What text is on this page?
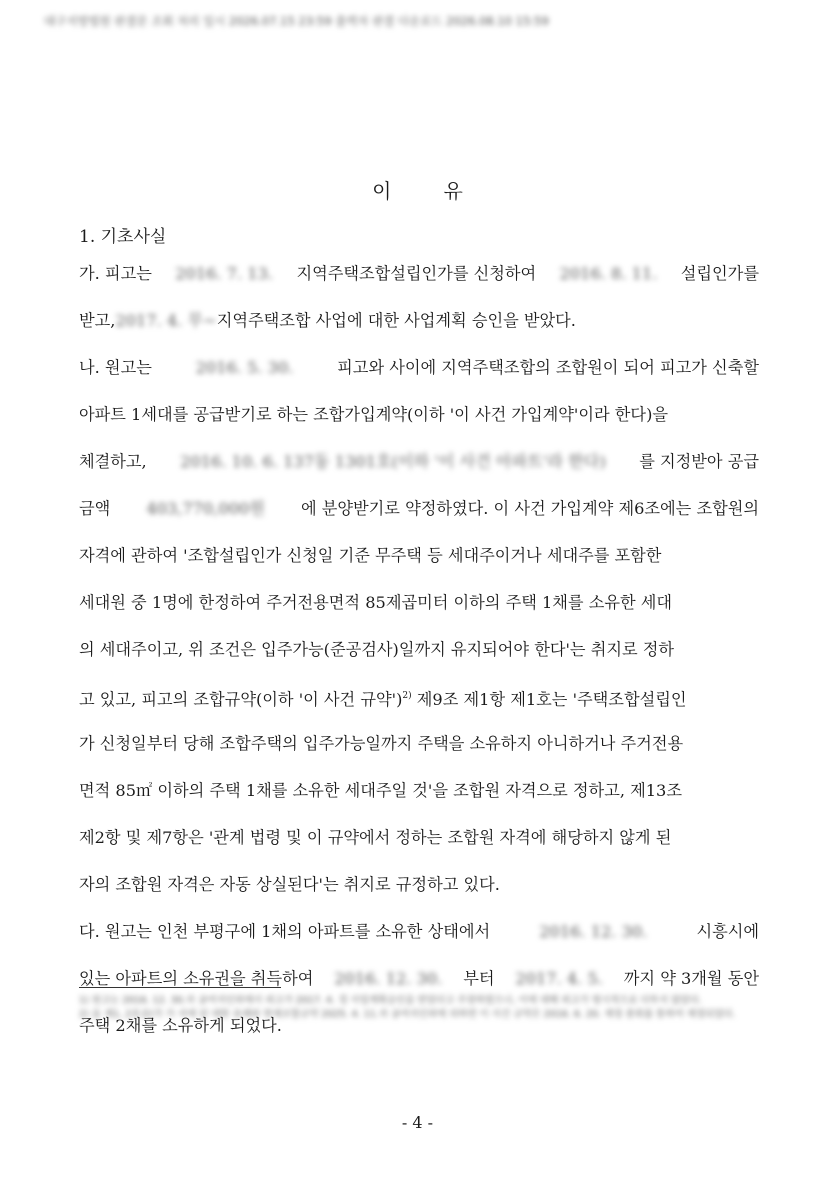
대구지방법원 판결문 조회 처리 일시 2026.07.15 23:59 출력자 판결 다운로드 2026.08.10 15:59
이	유
1. 기초사실
가. 피고는 2016. 7. 13. 지역주택조합설립인가를 신청하여 2016. 8. 11. 설립인가를
받고, 2017. 4. 무~ 지역주택조합 사업에 대한 사업계획 승인을 받았다.
나. 원고는	2016. 5. 30.	피고와 사이에 지역주택조합의 조합원이 되어 피고가 신축할
아파트 1세대를 공급받기로 하는 조합가입계약(이하 '이 사건 가입계약'이라 한다)을
체결하고, 2016. 10. 6. 137동 1301호(이하 '이 사건 아파트'라 한다) 를 지정받아 공급
금액 403,770,000원 에 분양받기로 약정하였다. 이 사건 가입계약 제6조에는 조합원의
자격에 관하여 '조합설립인가 신청일 기준 무주택 등 세대주이거나 세대주를 포함한
세대원 중 1명에 한정하여 주거전용면적 85제곱미터 이하의 주택 1채를 소유한 세대
의 세대주이고, 위 조건은 입주가능(준공검사)일까지 유지되어야 한다'는 취지로 정하
고 있고, 피고의 조합규약(이하 '이 사건 규약')$^{2)}$ 제9조 제1항 제1호는 '주택조합설립인
가 신청일부터 당해 조합주택의 입주가능일까지 주택을 소유하지 아니하거나 주거전용
면적 85㎡ 이하의 주택 1채를 소유한 세대주일 것'을 조합원 자격으로 정하고, 제13조
제2항 및 제7항은 '관계 법령 및 이 규약에서 정하는 조합원 자격에 해당하지 않게 된
자의 조합원 자격은 자동 상실된다'는 취지로 규정하고 있다.
다. 원고는 인천 부평구에 1채의 아파트를 소유한 상태에서	2016. 12. 30.	시흥시에
있는 아파트의 소유권을 취득하여 2016. 12. 30. 부터 2017. 4. 5. 까지 약 3개월 동안
주택 2채를 소유하게 되었다.
1) 원고는 2016. 12. 30.자 공여지인허에서 피고가 2017. 4. 경 사업계획승인을 받았다고 주장하였으나, 이에 대해 피고가 명시적으로 다투지 않았다.
2) 을 제1, 2호증(각 가 지에 된 대한 유례와 현재조합규약 2025. 4. 11.자 공여지인허에 의하면 이 사건 규약은 2016. 6. 20. 제정 총회를 통하여 제정되었다.
- 4 -
